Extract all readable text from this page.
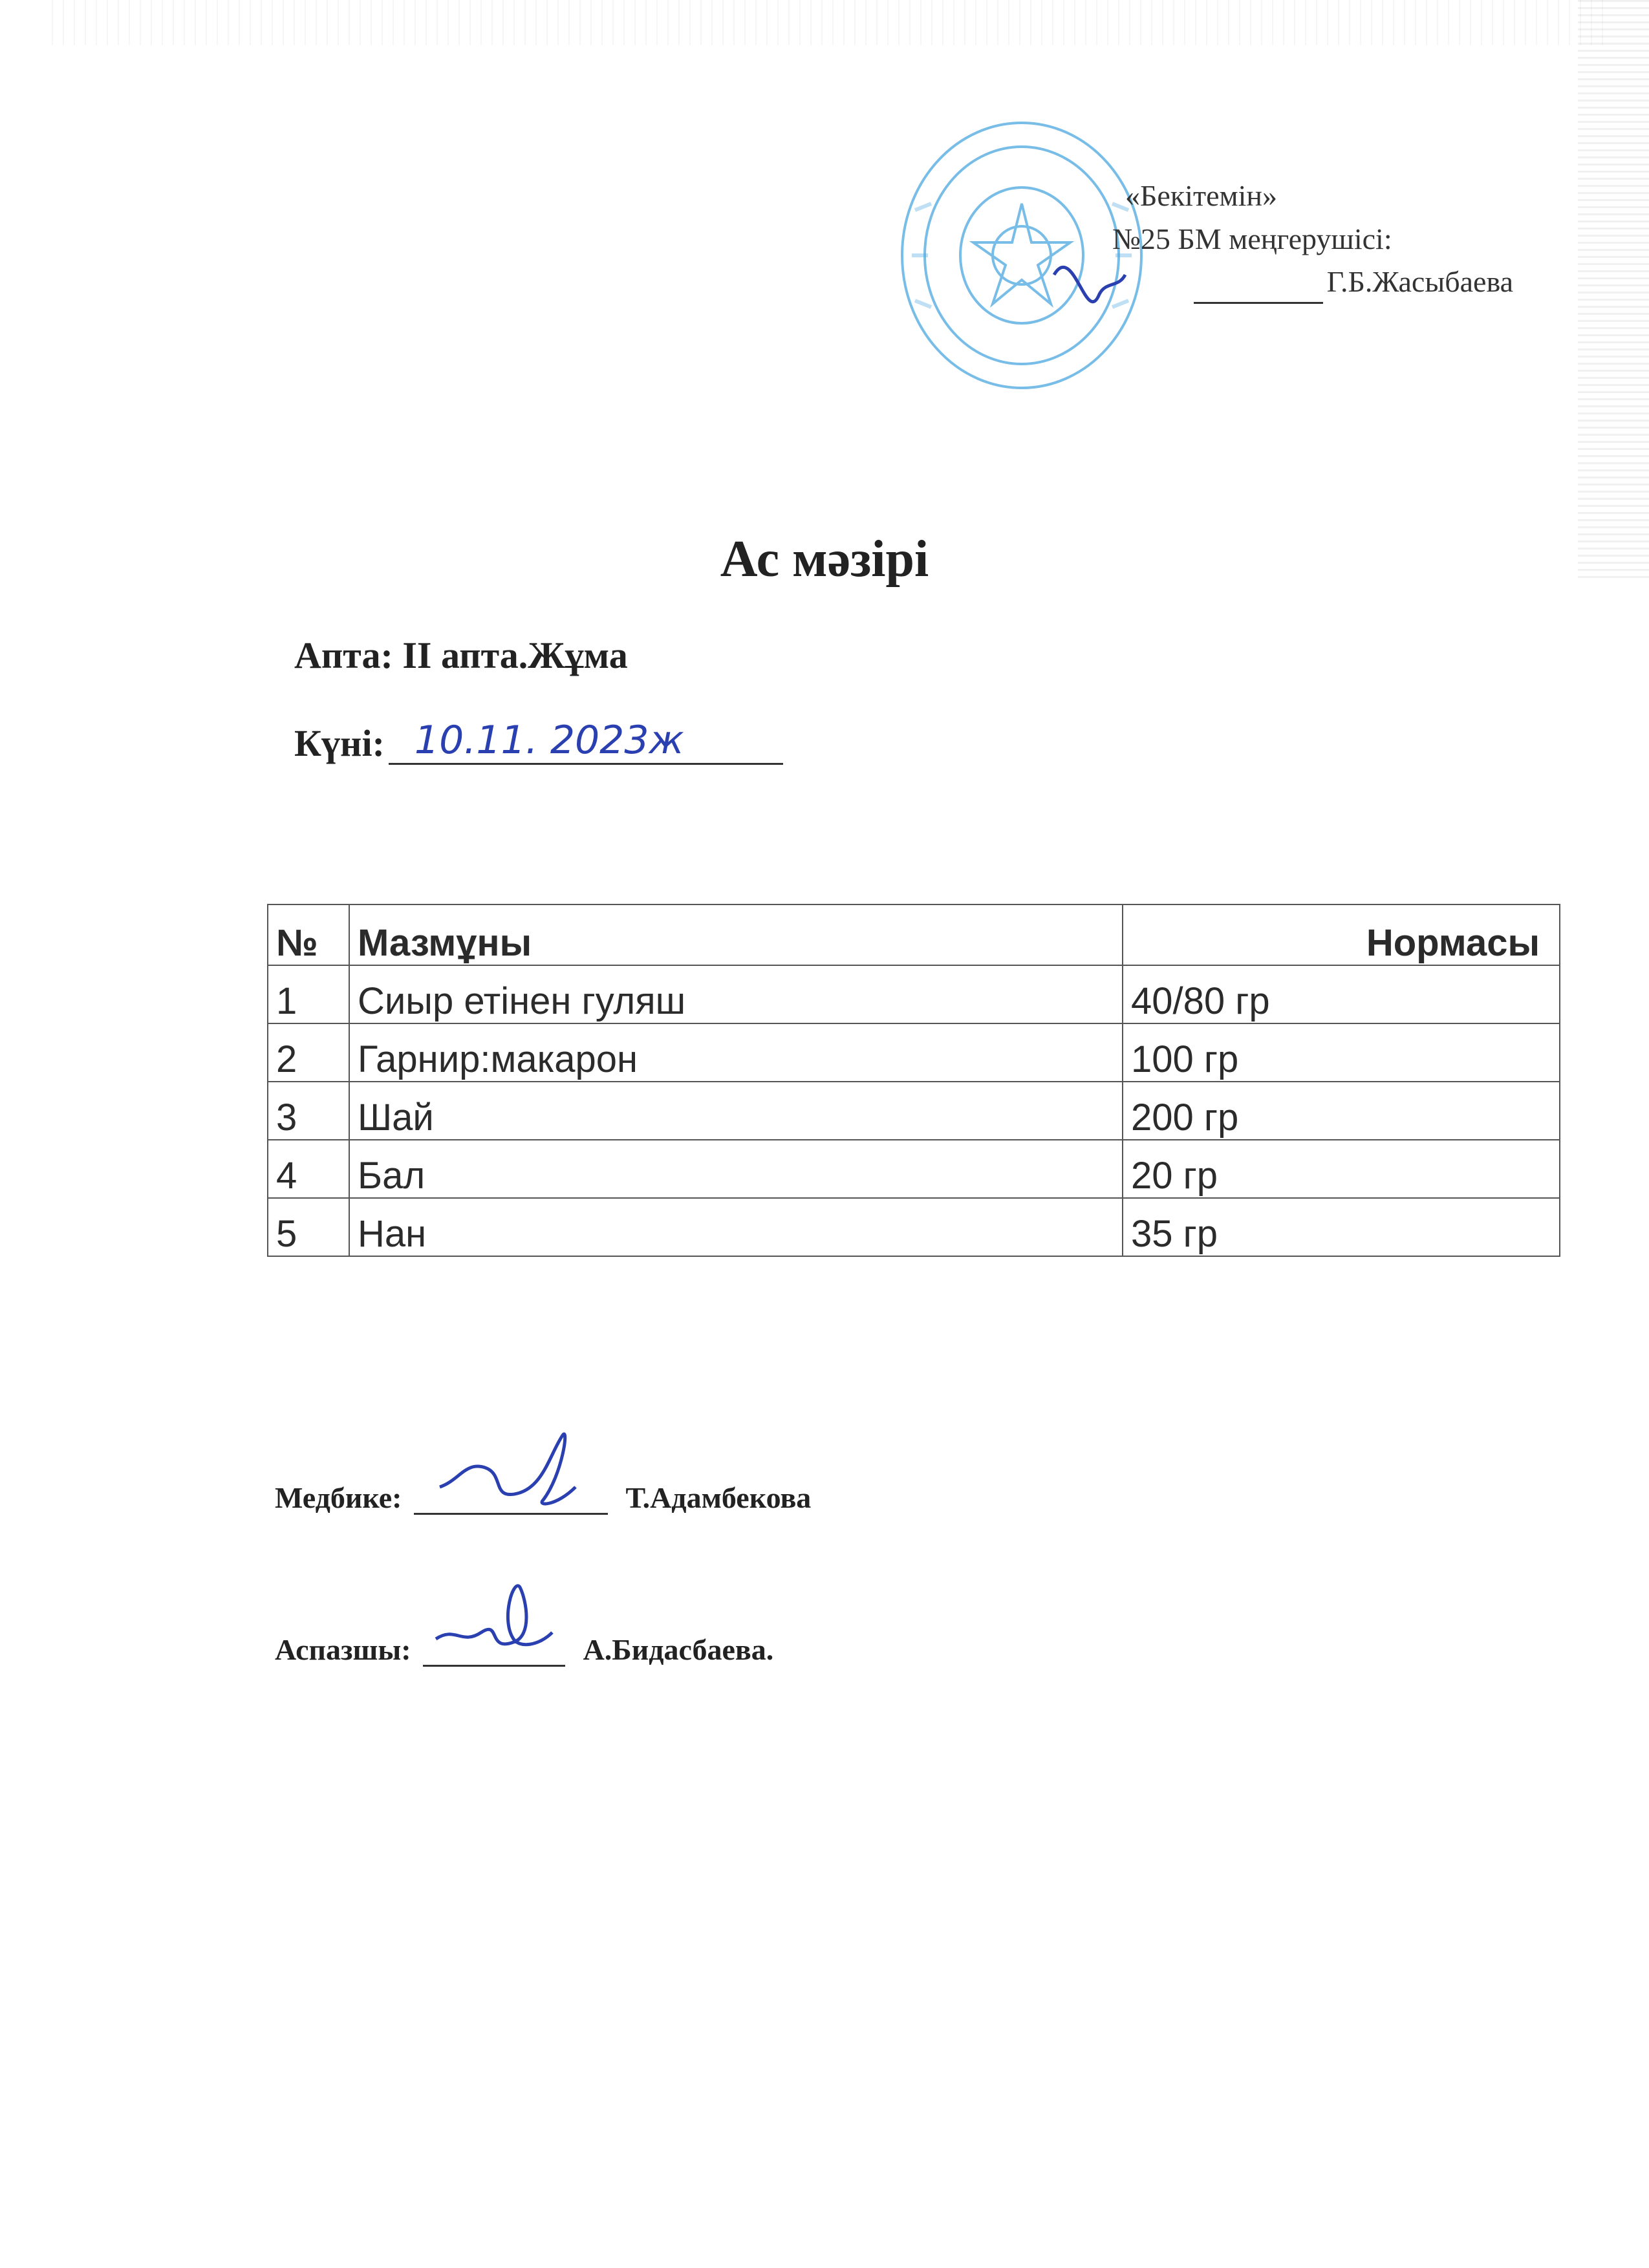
«Бекітемін»
№25 БМ меңгерушісі:
Г.Б.Жасыбаева
Ас мәзірі
Апта: II апта.Жұма
Күні: 10.11. 2023ж
№	Мазмұны	Нормасы
1	Сиыр етінен гуляш	40/80 гр
2	Гарнир:макарон	100 гр
3	Шай	200 гр
4	Бал	20 гр
5	Нан	35 гр
Медбике:	Т.Адамбекова
Аспазшы:	А.Бидасбаева.
